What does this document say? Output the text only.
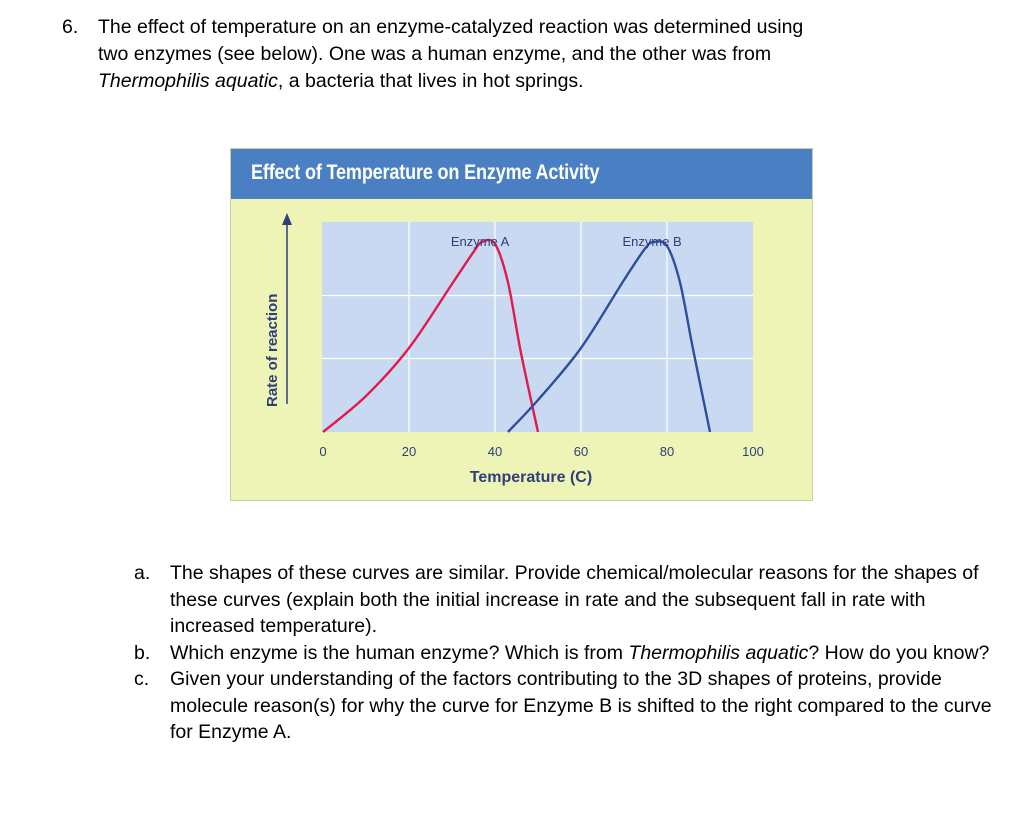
6. The effect of temperature on an enzyme-catalyzed reaction was determined using
two enzymes (see below). One was a human enzyme, and the other was from
Thermophilis aquatic, a bacteria that lives in hot springs.
Effect of Temperature on Enzyme Activity
Rate of reaction
0	20	40	60	80	100
Temperature (​C)
Enzyme A	Enzyme B
a. The shapes of these curves are similar. Provide chemical/molecular reasons for the shapes of these curves (explain both the initial increase in rate and the subsequent fall in rate with increased temperature).
b. Which enzyme is the human enzyme? Which is from Thermophilis aquatic? How do you know?
c. Given your understanding of the factors contributing to the 3D shapes of proteins, provide molecule reason(s) for why the curve for Enzyme B is shifted to the right compared to the curve for Enzyme A.
